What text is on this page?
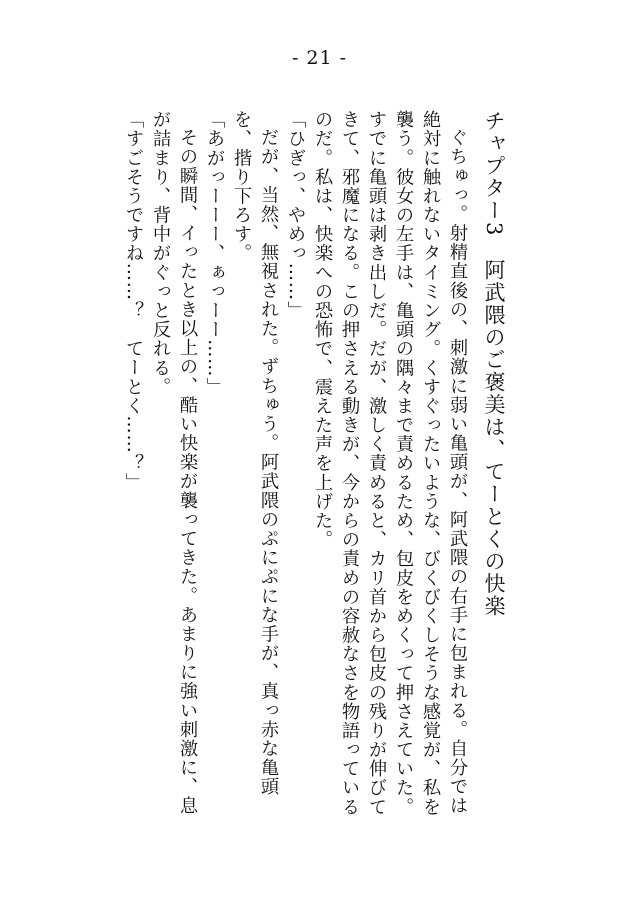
- 21 -
チャプター3　阿武隈のご褒美は、てーとくの快楽

ぐちゅっ。射精直後の、刺激に弱い亀頭が、阿武隈の右手に包まれる。自分では絶対に触れないタイミング。くすぐったいような、びくびくしそうな感覚が、私を襲う。彼女の左手は、亀頭の隅々まで責めるため、包皮をめくって押さえていた。すでに亀頭は剥き出しだ。だが、激しく責めると、カリ首から包皮の残りが伸びてきて、邪魔になる。この押さえる動きが、今からの責めの容赦なさを物語っているのだ。私は、快楽への恐怖で、震えた声を上げた。

「ひぎっ、やめっ……」

だが、当然、無視された。ずちゅう。阿武隈のぷにぷにな手が、真っ赤な亀頭を、揩り下ろす。

「あがっーーー、ぁっーー……」

その瞬間、イったとき以上の、酷い快楽が襲ってきた。あまりに強い刺激に、息が詰まり、背中がぐっと反れる。

「すごそうですね……？　てーとく……？」
